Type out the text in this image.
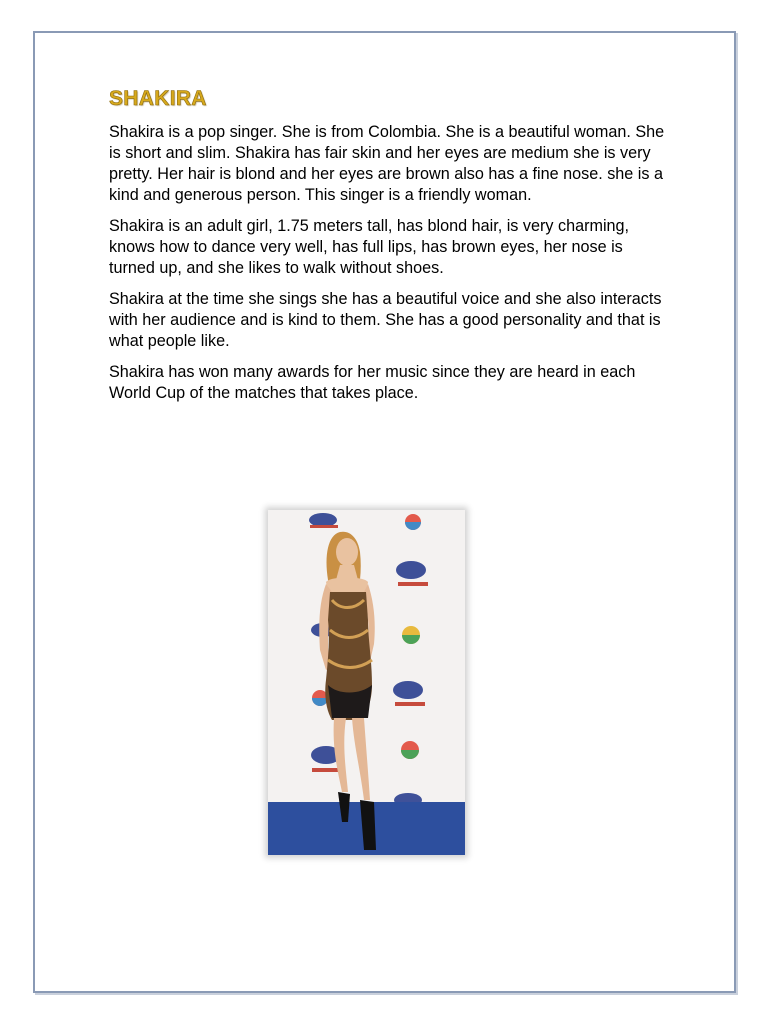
SHAKIRA

Shakira is a pop singer. She is from Colombia. She is a beautiful woman. She is short and slim. Shakira has fair skin and her eyes are medium she is very pretty. Her hair is blond and her eyes are brown also has a fine nose. she is a kind and generous person. This singer is a friendly woman.

Shakira is an adult girl, 1.75 meters tall, has blond hair, is very charming, knows how to dance very well, has full lips, has brown eyes, her nose is turned up, and she likes to walk without shoes.

Shakira at the time she sings she has a beautiful voice and she also interacts with her audience and is kind to them. She has a good personality and that is what people like.

Shakira has won many awards for her music since they are heard in each World Cup of the matches that takes place.
